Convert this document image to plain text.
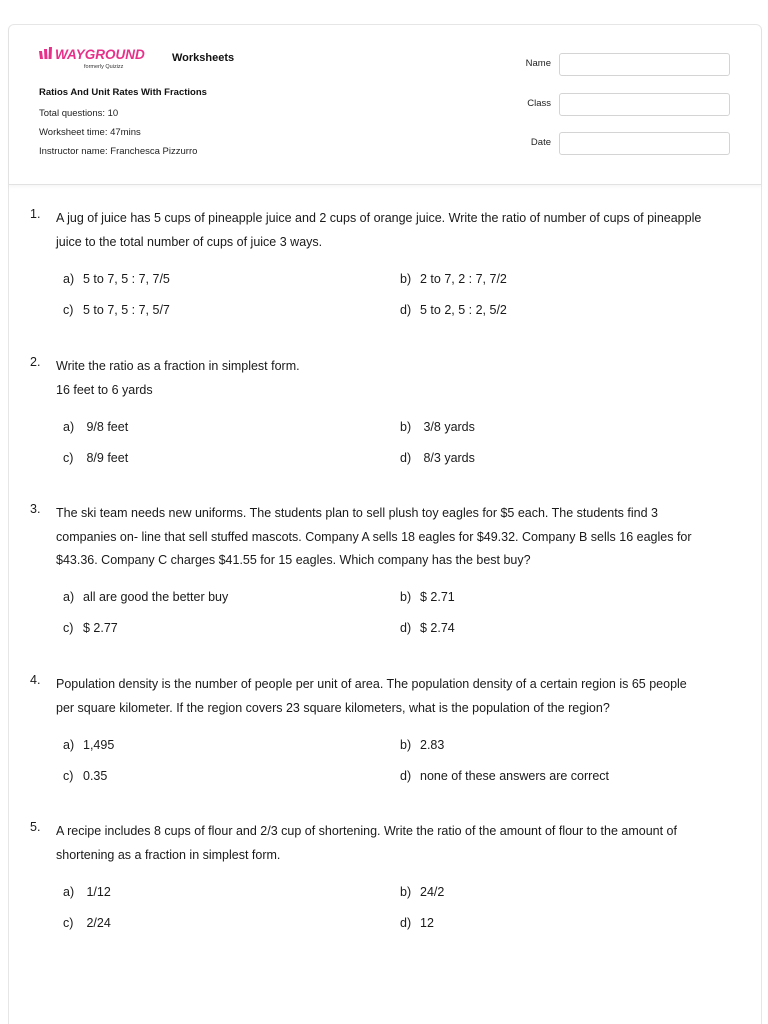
WAYGROUND
formerly Quizizz
Worksheets
Ratios And Unit Rates With Fractions
Total questions: 10
Worksheet time: 47mins
Instructor name: Franchesca Pizzurro
Name
Class
Date
1. A jug of juice has 5 cups of pineapple juice and 2 cups of orange juice. Write the ratio of number of cups of pineapple
juice to the total number of cups of juice 3 ways.
a) 5 to 7, 5 : 7, 7/5	b) 2 to 7, 2 : 7, 7/2
c) 5 to 7, 5 : 7, 5/7	d) 5 to 2, 5 : 2, 5/2
2. Write the ratio as a fraction in simplest form.
16 feet to 6 yards
a) 9/8 feet	b) 3/8 yards
c) 8/9 feet	d) 8/3 yards
3. The ski team needs new uniforms. The students plan to sell plush toy eagles for $5 each. The students find 3
companies on- line that sell stuffed mascots. Company A sells 18 eagles for $49.32. Company B sells 16 eagles for
$43.36. Company C charges $41.55 for 15 eagles. Which company has the best buy?
a) all are good the better buy	b) $ 2.71
c) $ 2.77	d) $ 2.74
4. Population density is the number of people per unit of area. The population density of a certain region is 65 people
per square kilometer. If the region covers 23 square kilometers, what is the population of the region?
a) 1,495	b) 2.83
c) 0.35	d) none of these answers are correct
5. A recipe includes 8 cups of flour and 2/3 cup of shortening. Write the ratio of the amount of flour to the amount of
shortening as a fraction in simplest form.
a) 1/12	b) 24/2
c) 2/24	d) 12
